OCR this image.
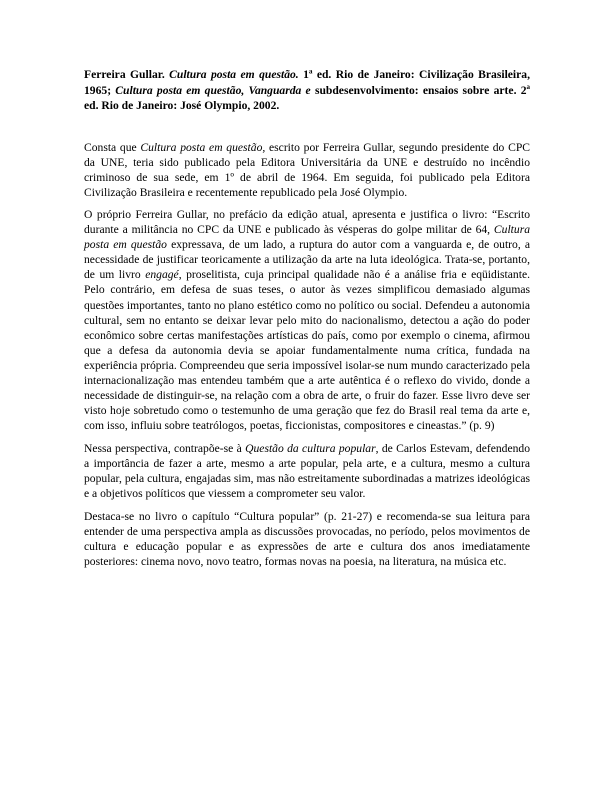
Ferreira Gullar. Cultura posta em questão. 1ª ed. Rio de Janeiro: Civilização Brasileira, 1965; Cultura posta em questão, Vanguarda e subdesenvolvimento: ensaios sobre arte. 2$^a$ ed. Rio de Janeiro: José Olympio, 2002.

Consta que Cultura posta em questão, escrito por Ferreira Gullar, segundo presidente do CPC da UNE, teria sido publicado pela Editora Universitária da UNE e destruído no incêndio criminoso de sua sede, em 1º de abril de 1964. Em seguida, foi publicado pela Editora Civilização Brasileira e recentemente republicado pela José Olympio.

O próprio Ferreira Gullar, no prefácio da edição atual, apresenta e justifica o livro: “Escrito durante a militância no CPC da UNE e publicado às vésperas do golpe militar de 64, Cultura posta em questão expressava, de um lado, a ruptura do autor com a vanguarda e, de outro, a necessidade de justificar teoricamente a utilização da arte na luta ideológica. Trata-se, portanto, de um livro engagé, proselitista, cuja principal qualidade não é a análise fria e eqüidistante. Pelo contrário, em defesa de suas teses, o autor às vezes simplificou demasiado algumas questões importantes, tanto no plano estético como no político ou social. Defendeu a autonomia cultural, sem no entanto se deixar levar pelo mito do nacionalismo, detectou a ação do poder econômico sobre certas manifestações artísticas do país, como por exemplo o cinema, afirmou que a defesa da autonomia devia se apoiar fundamentalmente numa crítica, fundada na experiência própria. Compreendeu que seria impossível isolar-se num mundo caracterizado pela internacionalização mas entendeu também que a arte autêntica é o reflexo do vivido, donde a necessidade de distinguir-se, na relação com a obra de arte, o fruir do fazer. Esse livro deve ser visto hoje sobretudo como o testemunho de uma geração que fez do Brasil real tema da arte e, com isso, influiu sobre teatrólogos, poetas, ficcionistas, compositores e cineastas.” (p. 9)

Nessa perspectiva, contrapõe-se à Questão da cultura popular, de Carlos Estevam, defendendo a importância de fazer a arte, mesmo a arte popular, pela arte, e a cultura, mesmo a cultura popular, pela cultura, engajadas sim, mas não estreitamente subordinadas a matrizes ideológicas e a objetivos políticos que viessem a comprometer seu valor.

Destaca-se no livro o capítulo “Cultura popular” (p. 21-27) e recomenda-se sua leitura para entender de uma perspectiva ampla as discussões provocadas, no período, pelos movimentos de cultura e educação popular e as expressões de arte e cultura dos anos imediatamente posteriores: cinema novo, novo teatro, formas novas na poesia, na literatura, na música etc.
